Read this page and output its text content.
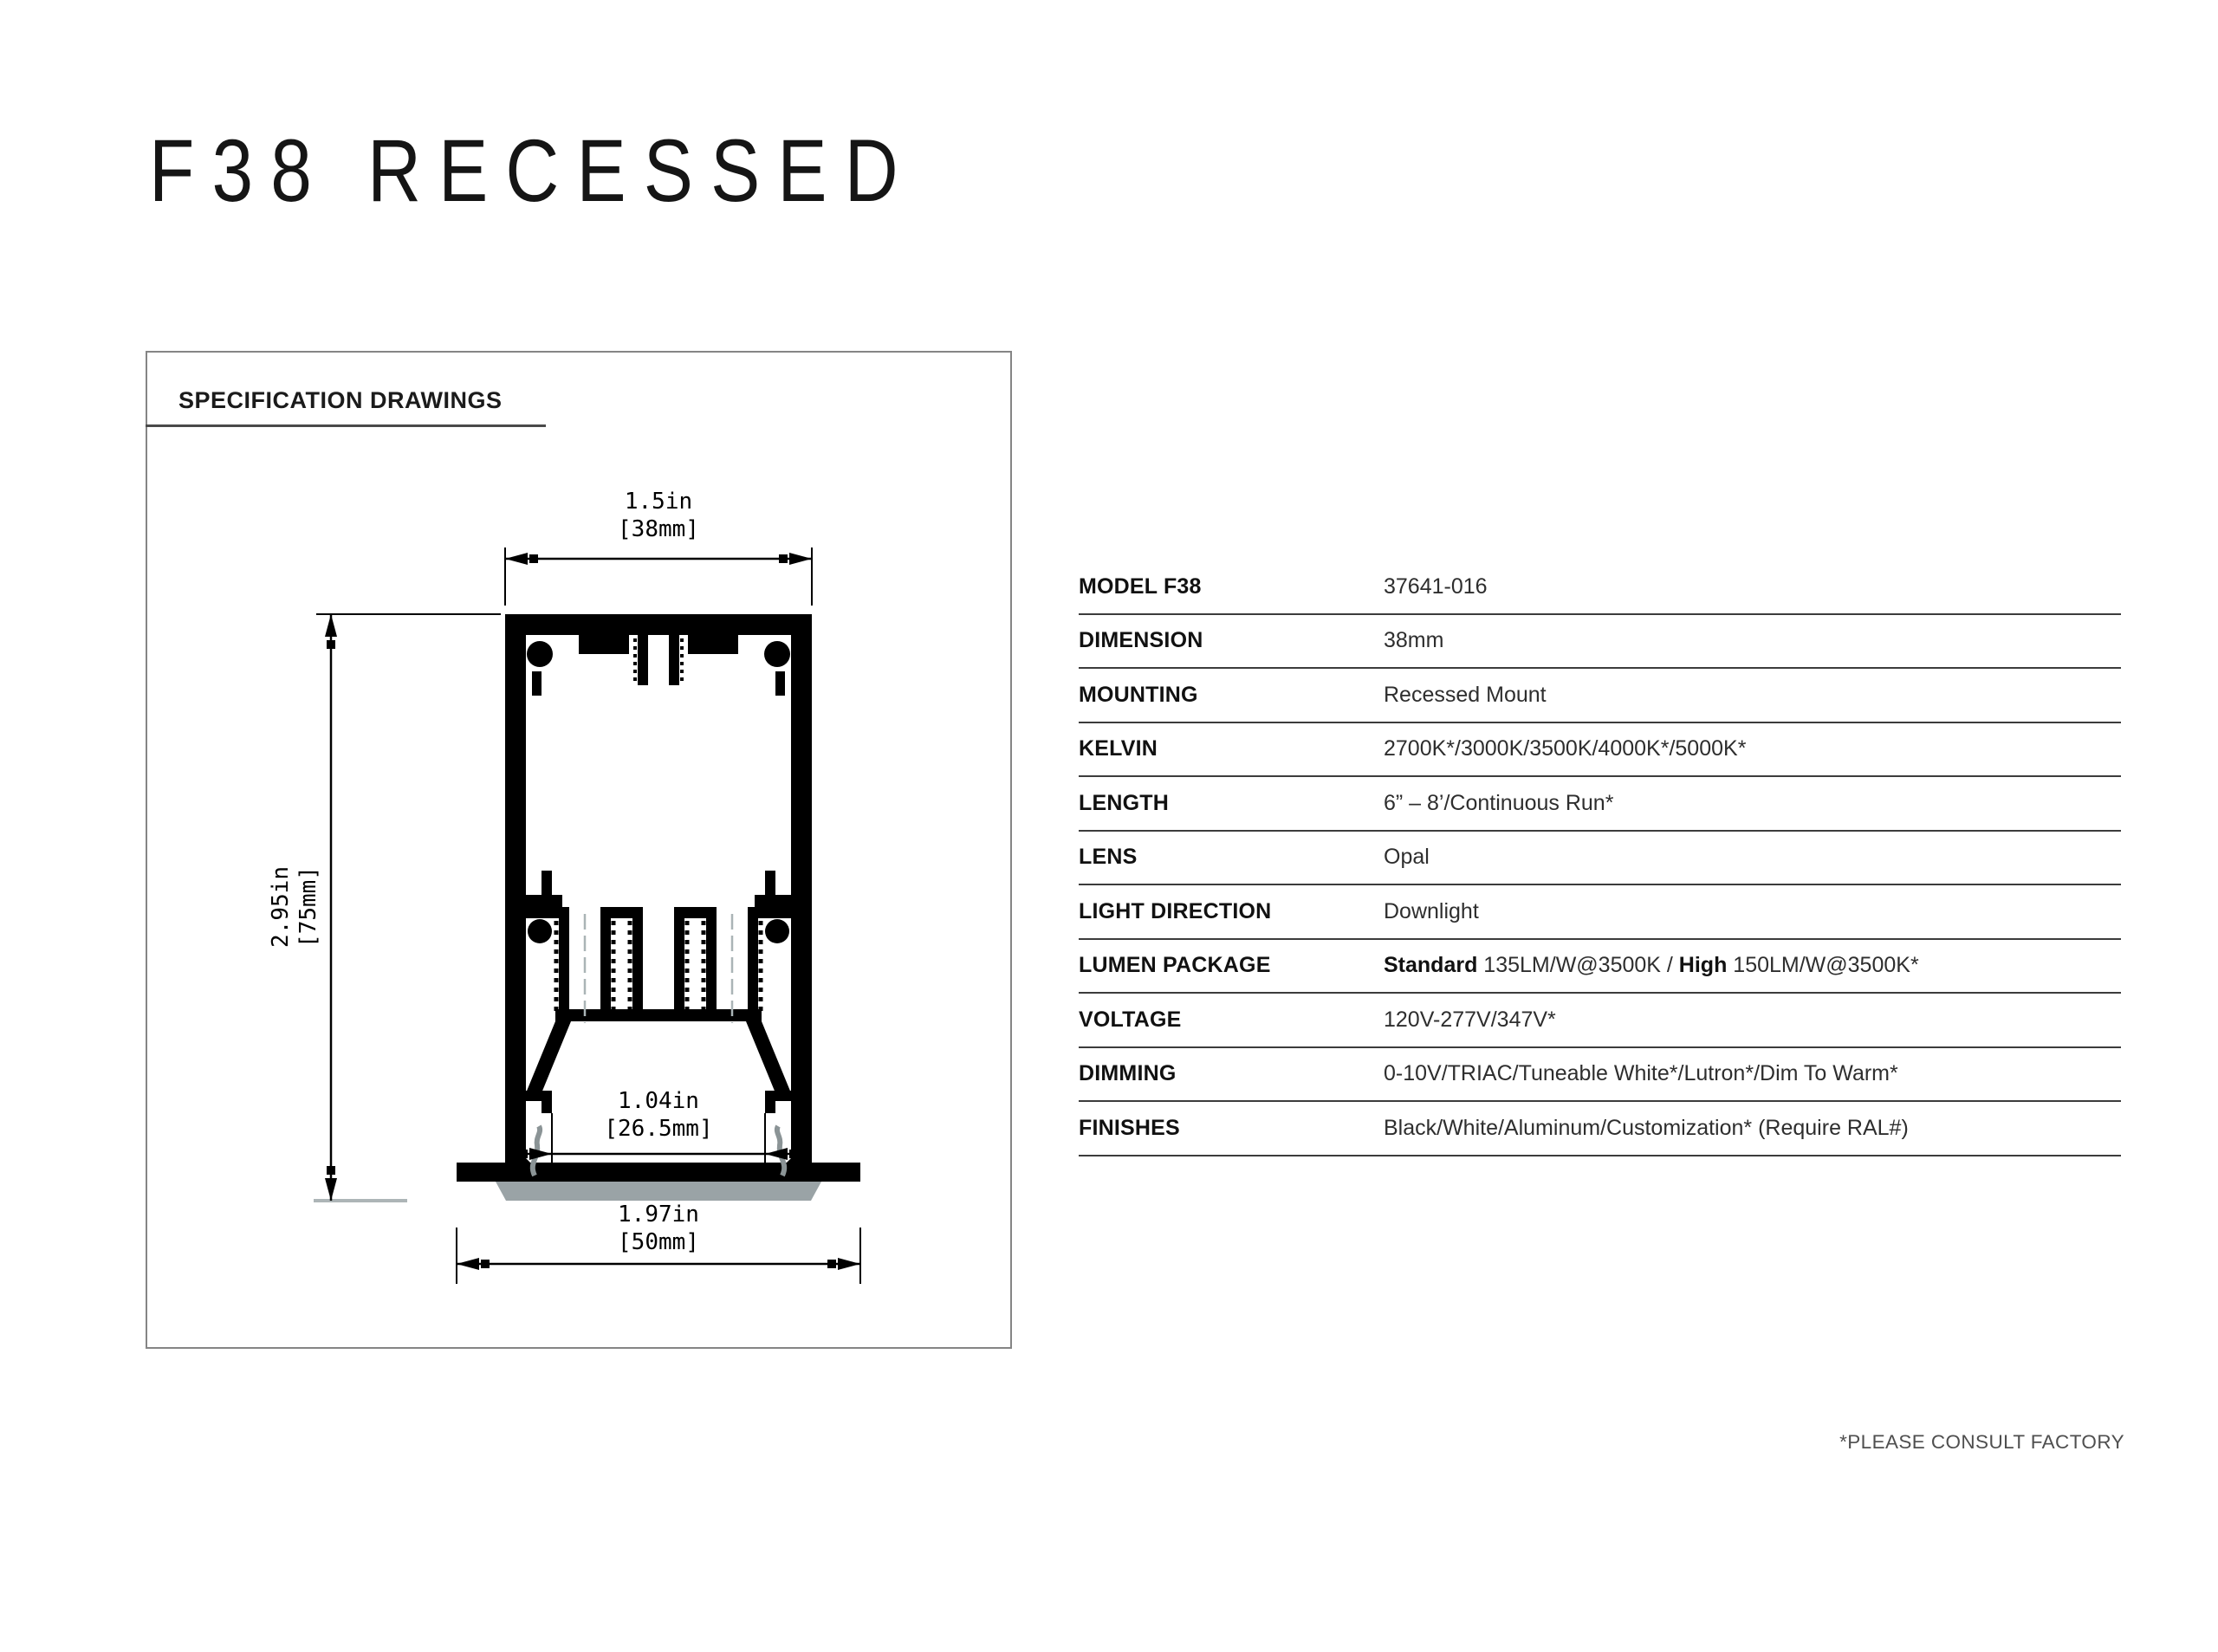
F38 RECESSED
1.5in
[38mm]
2.95in [75mm]
1.04in
[26.5mm]
1.97in
[50mm]
SPECIFICATION DRAWINGS
MODEL F38	37641-016
DIMENSION	38mm
MOUNTING	Recessed Mount
KELVIN	2700K*/3000K/3500K/4000K*/5000K*
LENGTH	6” – 8’/Continuous Run*
LENS	Opal
LIGHT DIRECTION	Downlight
LUMEN PACKAGE	Standard 135LM/W@3500K / High 150LM/W@3500K*
VOLTAGE	120V-277V/347V*
DIMMING	0-10V/TRIAC/Tuneable White*/Lutron*/Dim To Warm*
FINISHES	Black/White/Aluminum/Customization* (Require RAL#)
*PLEASE CONSULT FACTORY
